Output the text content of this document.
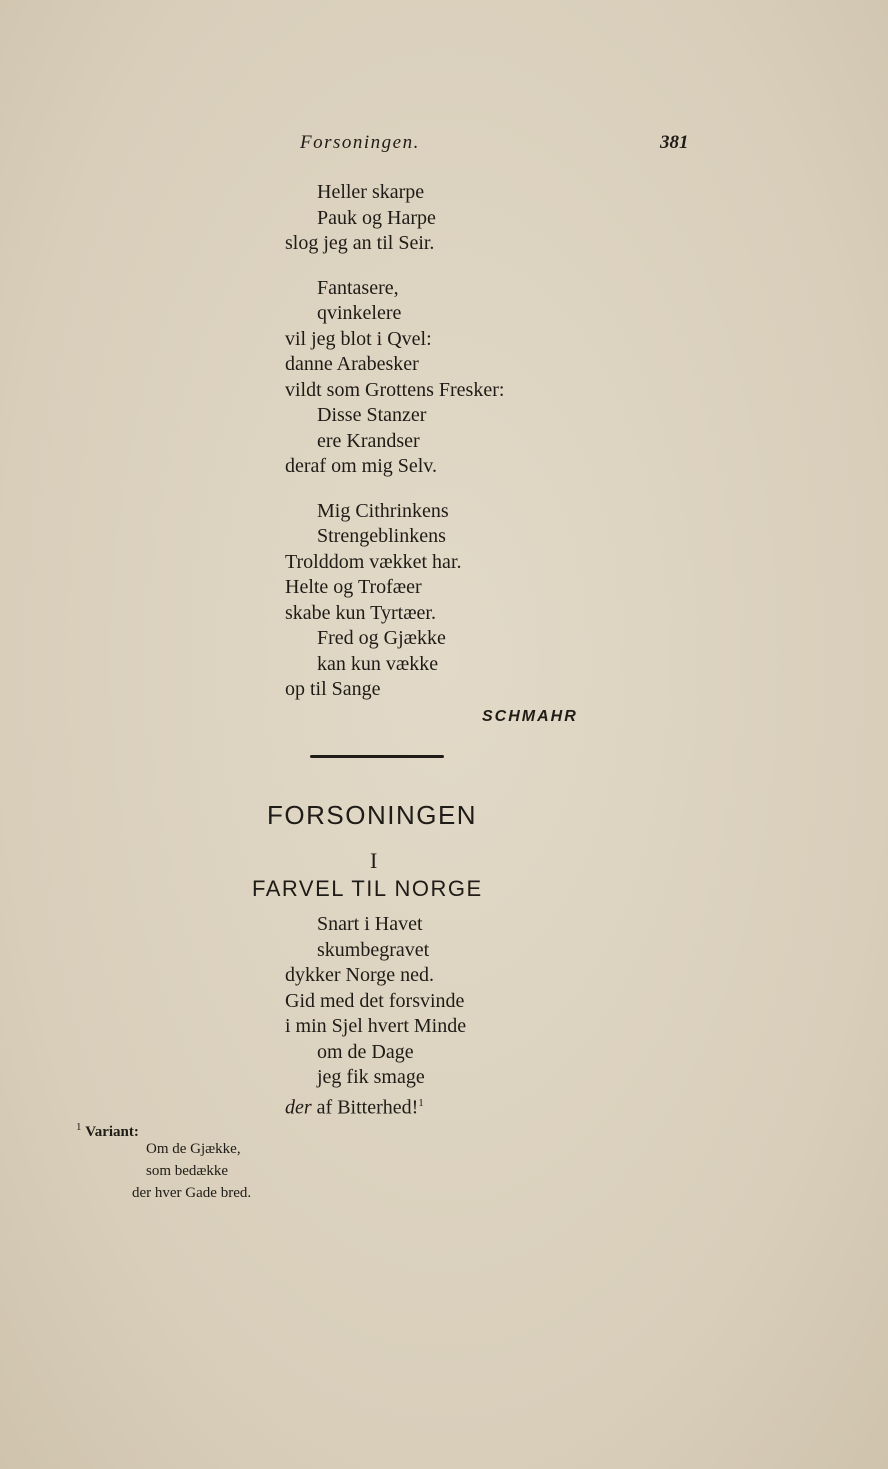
Forsoningen.	381
Heller skarpe
Pauk og Harpe
slog jeg an til Seir.
Fantasere,
qvinkelere
vil jeg blot i Qvel:
danne Arabesker
vildt som Grottens Fresker:
Disse Stanzer
ere Krandser
deraf om mig Selv.
Mig Cithrinkens
Strengeblinkens
Trolddom vækket har.
Helte og Trofæer
skabe kun Tyrtæer.
Fred og Gjække
kan kun vække
op til Sange
SCHMAHR
FORSONINGEN
I
FARVEL TIL NORGE
Snart i Havet
skumbegravet
dykker Norge ned.
Gid med det forsvinde
i min Sjel hvert Minde
om de Dage
jeg fik smage
der af Bitterhed!$^1$
$^1$ Variant:
Om de Gjække,
som bedække
der hver Gade bred.
